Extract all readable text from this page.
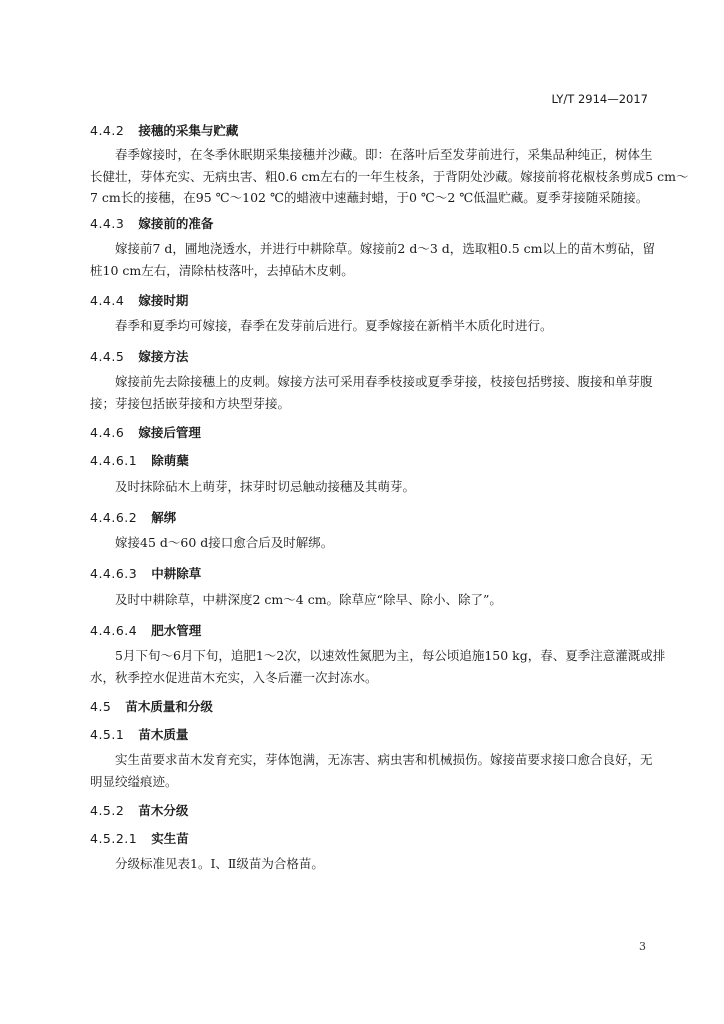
LY/T 2914—2017
4.4.2 接穗的采集与贮藏
春季嫁接时，在冬季休眠期采集接穗并沙藏。即：在落叶后至发芽前进行，采集品种纯正，树体生
长健壮，芽体充实、无病虫害、粗0.6 cm左右的一年生枝条，于背阴处沙藏。嫁接前将花椒枝条剪成5 cm～
7 cm长的接穗，在95 ℃～102 ℃的蜡液中速蘸封蜡，于0 ℃～2 ℃低温贮藏。夏季芽接随采随接。
4.4.3 嫁接前的准备
嫁接前7 d，圃地浇透水，并进行中耕除草。嫁接前2 d～3 d，选取粗0.5 cm以上的苗木剪砧，留
桩10 cm左右，清除枯枝落叶，去掉砧木皮刺。
4.4.4 嫁接时期
春季和夏季均可嫁接，春季在发芽前后进行。夏季嫁接在新梢半木质化时进行。
4.4.5 嫁接方法
嫁接前先去除接穗上的皮刺。嫁接方法可采用春季枝接或夏季芽接，枝接包括劈接、腹接和单芽腹
接；芽接包括嵌芽接和方块型芽接。
4.4.6 嫁接后管理
4.4.6.1 除萌蘖
及时抹除砧木上萌芽，抹芽时切忌触动接穗及其萌芽。
4.4.6.2 解绑
嫁接45 d～60 d接口愈合后及时解绑。
4.4.6.3 中耕除草
及时中耕除草，中耕深度2 cm～4 cm。除草应“除早、除小、除了”。
4.4.6.4 肥水管理
5月下旬～6月下旬，追肥1～2次，以速效性氮肥为主，每公顷追施150 kg，春、夏季注意灌溉或排
水，秋季控水促进苗木充实，入冬后灌一次封冻水。
4.5 苗木质量和分级
4.5.1 苗木质量
实生苗要求苗木发育充实，芽体饱满，无冻害、病虫害和机械损伤。嫁接苗要求接口愈合良好，无
明显绞缢痕迹。
4.5.2 苗木分级
4.5.2.1 实生苗
分级标准见表1。Ⅰ、Ⅱ级苗为合格苗。
3
